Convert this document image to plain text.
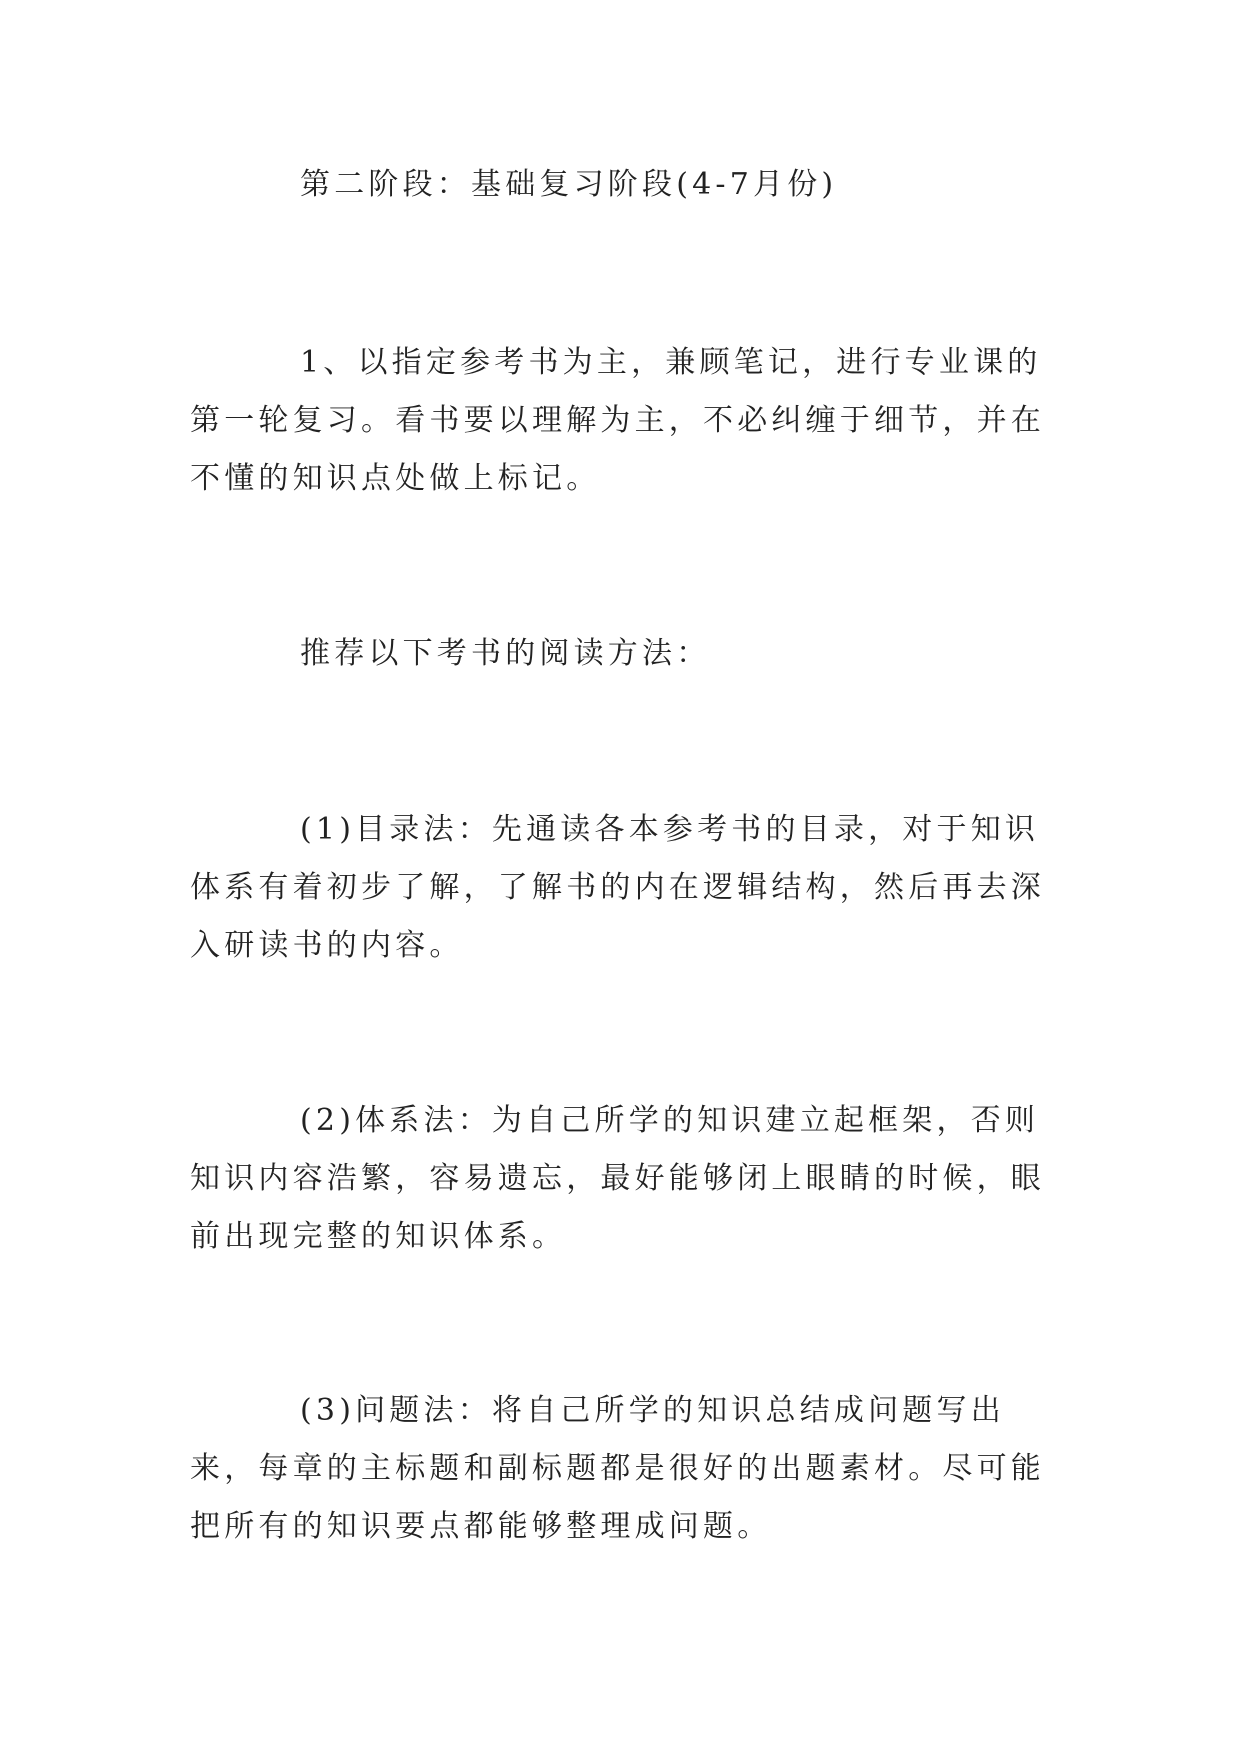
第二阶段：基础复习阶段(4-7月份)

1、以指定参考书为主，兼顾笔记，进行专业课的第一轮复习。看书要以理解为主，不必纠缠于细节，并在不懂的知识点处做上标记。

推荐以下考书的阅读方法：

(1)目录法：先通读各本参考书的目录，对于知识体系有着初步了解，了解书的内在逻辑结构，然后再去深入研读书的内容。

(2)体系法：为自己所学的知识建立起框架，否则知识内容浩繁，容易遗忘，最好能够闭上眼睛的时候，眼前出现完整的知识体系。

(3)问题法：将自己所学的知识总结成问题写出来，每章的主标题和副标题都是很好的出题素材。尽可能把所有的知识要点都能够整理成问题。
